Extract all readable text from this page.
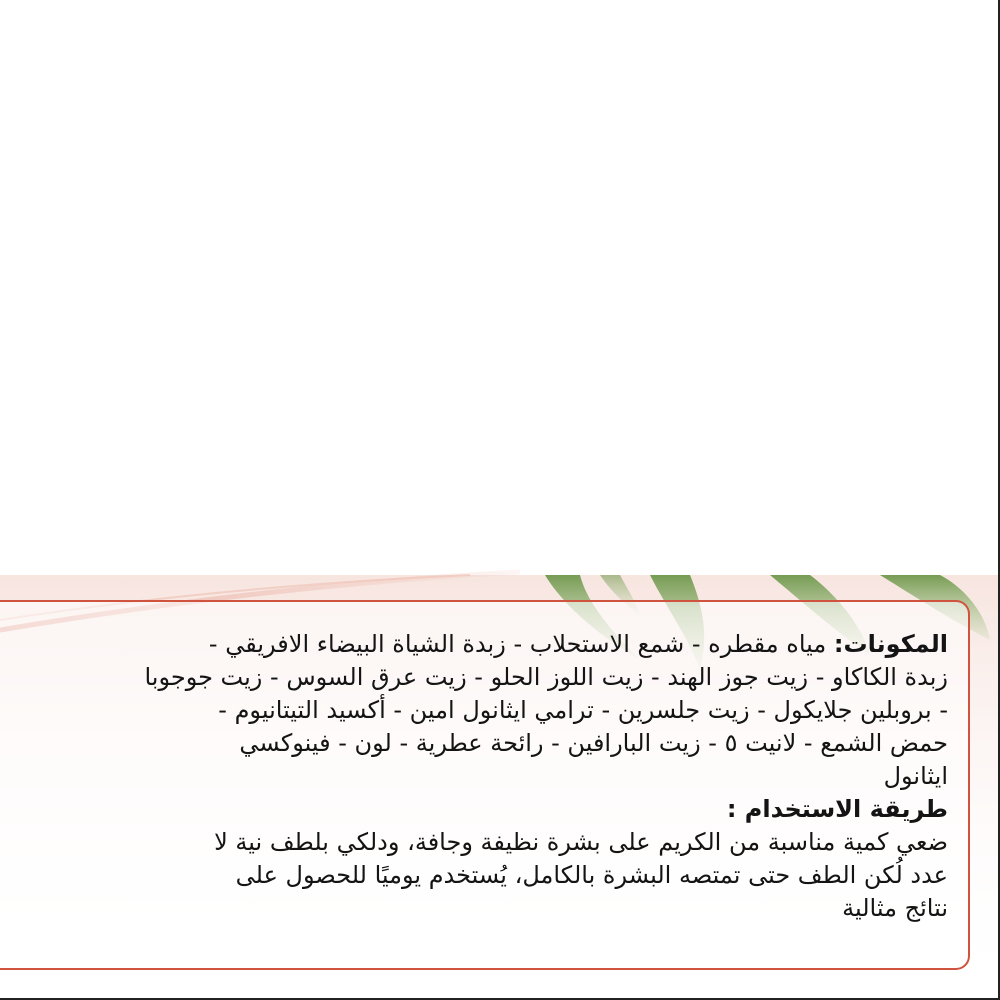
المكونات: مياه مقطره - شمع الاستحلاب - زبدة الشياة البيضاء الافريقي -

زبدة الكاكاو - زيت جوز الهند - زيت اللوز الحلو - زيت عرق السوس - زيت جوجوبا

- بروبلين جلايكول - زيت جلسرين - ترامي ايثانول امين - أكسيد التيتانيوم -

حمض الشمع - لانيت ٥ - زيت البارافين - رائحة عطرية - لون - فينوكسي

ايثانول

طريقة الاستخدام :

ضعي كمية مناسبة من الكريم على بشرة نظيفة وجافة، ودلكي بلطف نية لا

عدد لُكن الطف حتى تمتصه البشرة بالكامل، يُستخدم يوميًا للحصول على

نتائج مثالية
